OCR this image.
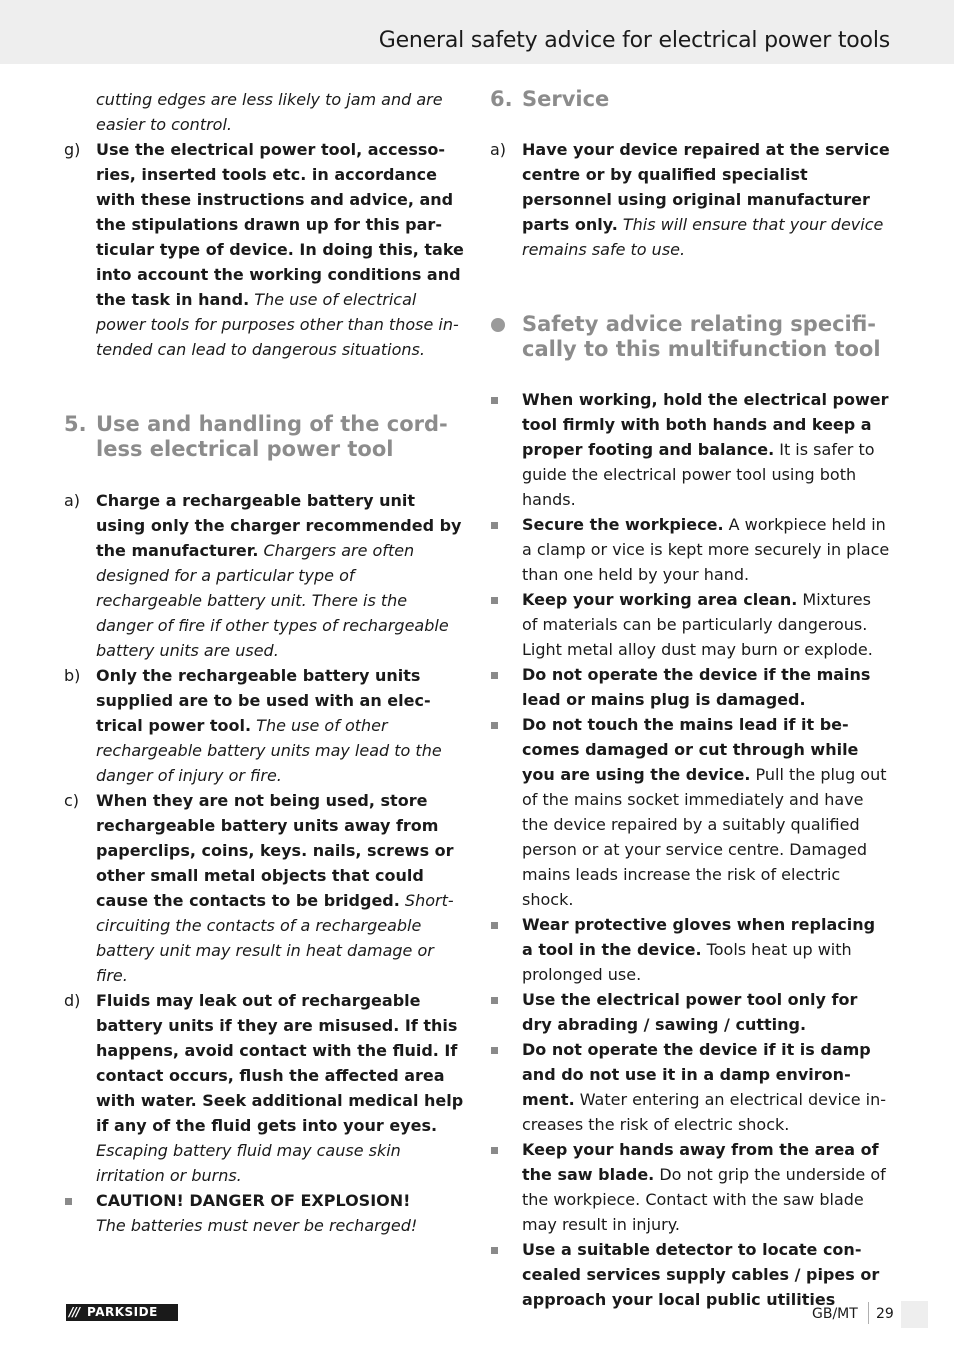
General safety advice for electrical power tools
cutting edges are less likely to jam and are easier to control.
g) Use the electrical power tool, accessories, inserted tools etc. in accordance with these instructions and advice, and the stipulations drawn up for this particular type of device. In doing this, take into account the working conditions and the task in hand. The use of electrical power tools for purposes other than those intended can lead to dangerous situations.
5. Use and handling of the cordless electrical power tool
a) Charge a rechargeable battery unit using only the charger recommended by the manufacturer. Chargers are often designed for a particular type of rechargeable battery unit. There is the danger of fire if other types of rechargeable battery units are used.
b) Only the rechargeable battery units supplied are to be used with an electrical power tool. The use of other rechargeable battery units may lead to the danger of injury or fire.
c) When they are not being used, store rechargeable battery units away from paperclips, coins, keys. nails, screws or other small metal objects that could cause the contacts to be bridged. Short-circuiting the contacts of a rechargeable battery unit may result in heat damage or fire.
d) Fluids may leak out of rechargeable battery units if they are misused. If this happens, avoid contact with the fluid. If contact occurs, flush the affected area with water. Seek additional medical help if any of the fluid gets into your eyes. Escaping battery fluid may cause skin irritation or burns.
CAUTION! DANGER OF EXPLOSION!
The batteries must never be recharged!
6. Service
a) Have your device repaired at the service centre or by qualified specialist personnel using original manufacturer parts only. This will ensure that your device remains safe to use.
Safety advice relating specifically to this multifunction tool
When working, hold the electrical power tool firmly with both hands and keep a proper footing and balance. It is safer to guide the electrical power tool using both hands.
Secure the workpiece. A workpiece held in a clamp or vice is kept more securely in place than one held by your hand.
Keep your working area clean. Mixtures of materials can be particularly dangerous. Light metal alloy dust may burn or explode.
Do not operate the device if the mains lead or mains plug is damaged.
Do not touch the mains lead if it becomes damaged or cut through while you are using the device. Pull the plug out of the mains socket immediately and have the device repaired by a suitably qualified person or at your service centre. Damaged mains leads increase the risk of electric shock.
Wear protective gloves when replacing a tool in the device. Tools heat up with prolonged use.
Use the electrical power tool only for dry abrading / sawing / cutting.
Do not operate the device if it is damp and do not use it in a damp environment. Water entering an electrical device increases the risk of electric shock.
Keep your hands away from the area of the saw blade. Do not grip the underside of the workpiece. Contact with the saw blade may result in injury.
Use a suitable detector to locate concealed services supply cables / pipes or approach your local public utilities
/// PARKSIDE	GB/MT 29
